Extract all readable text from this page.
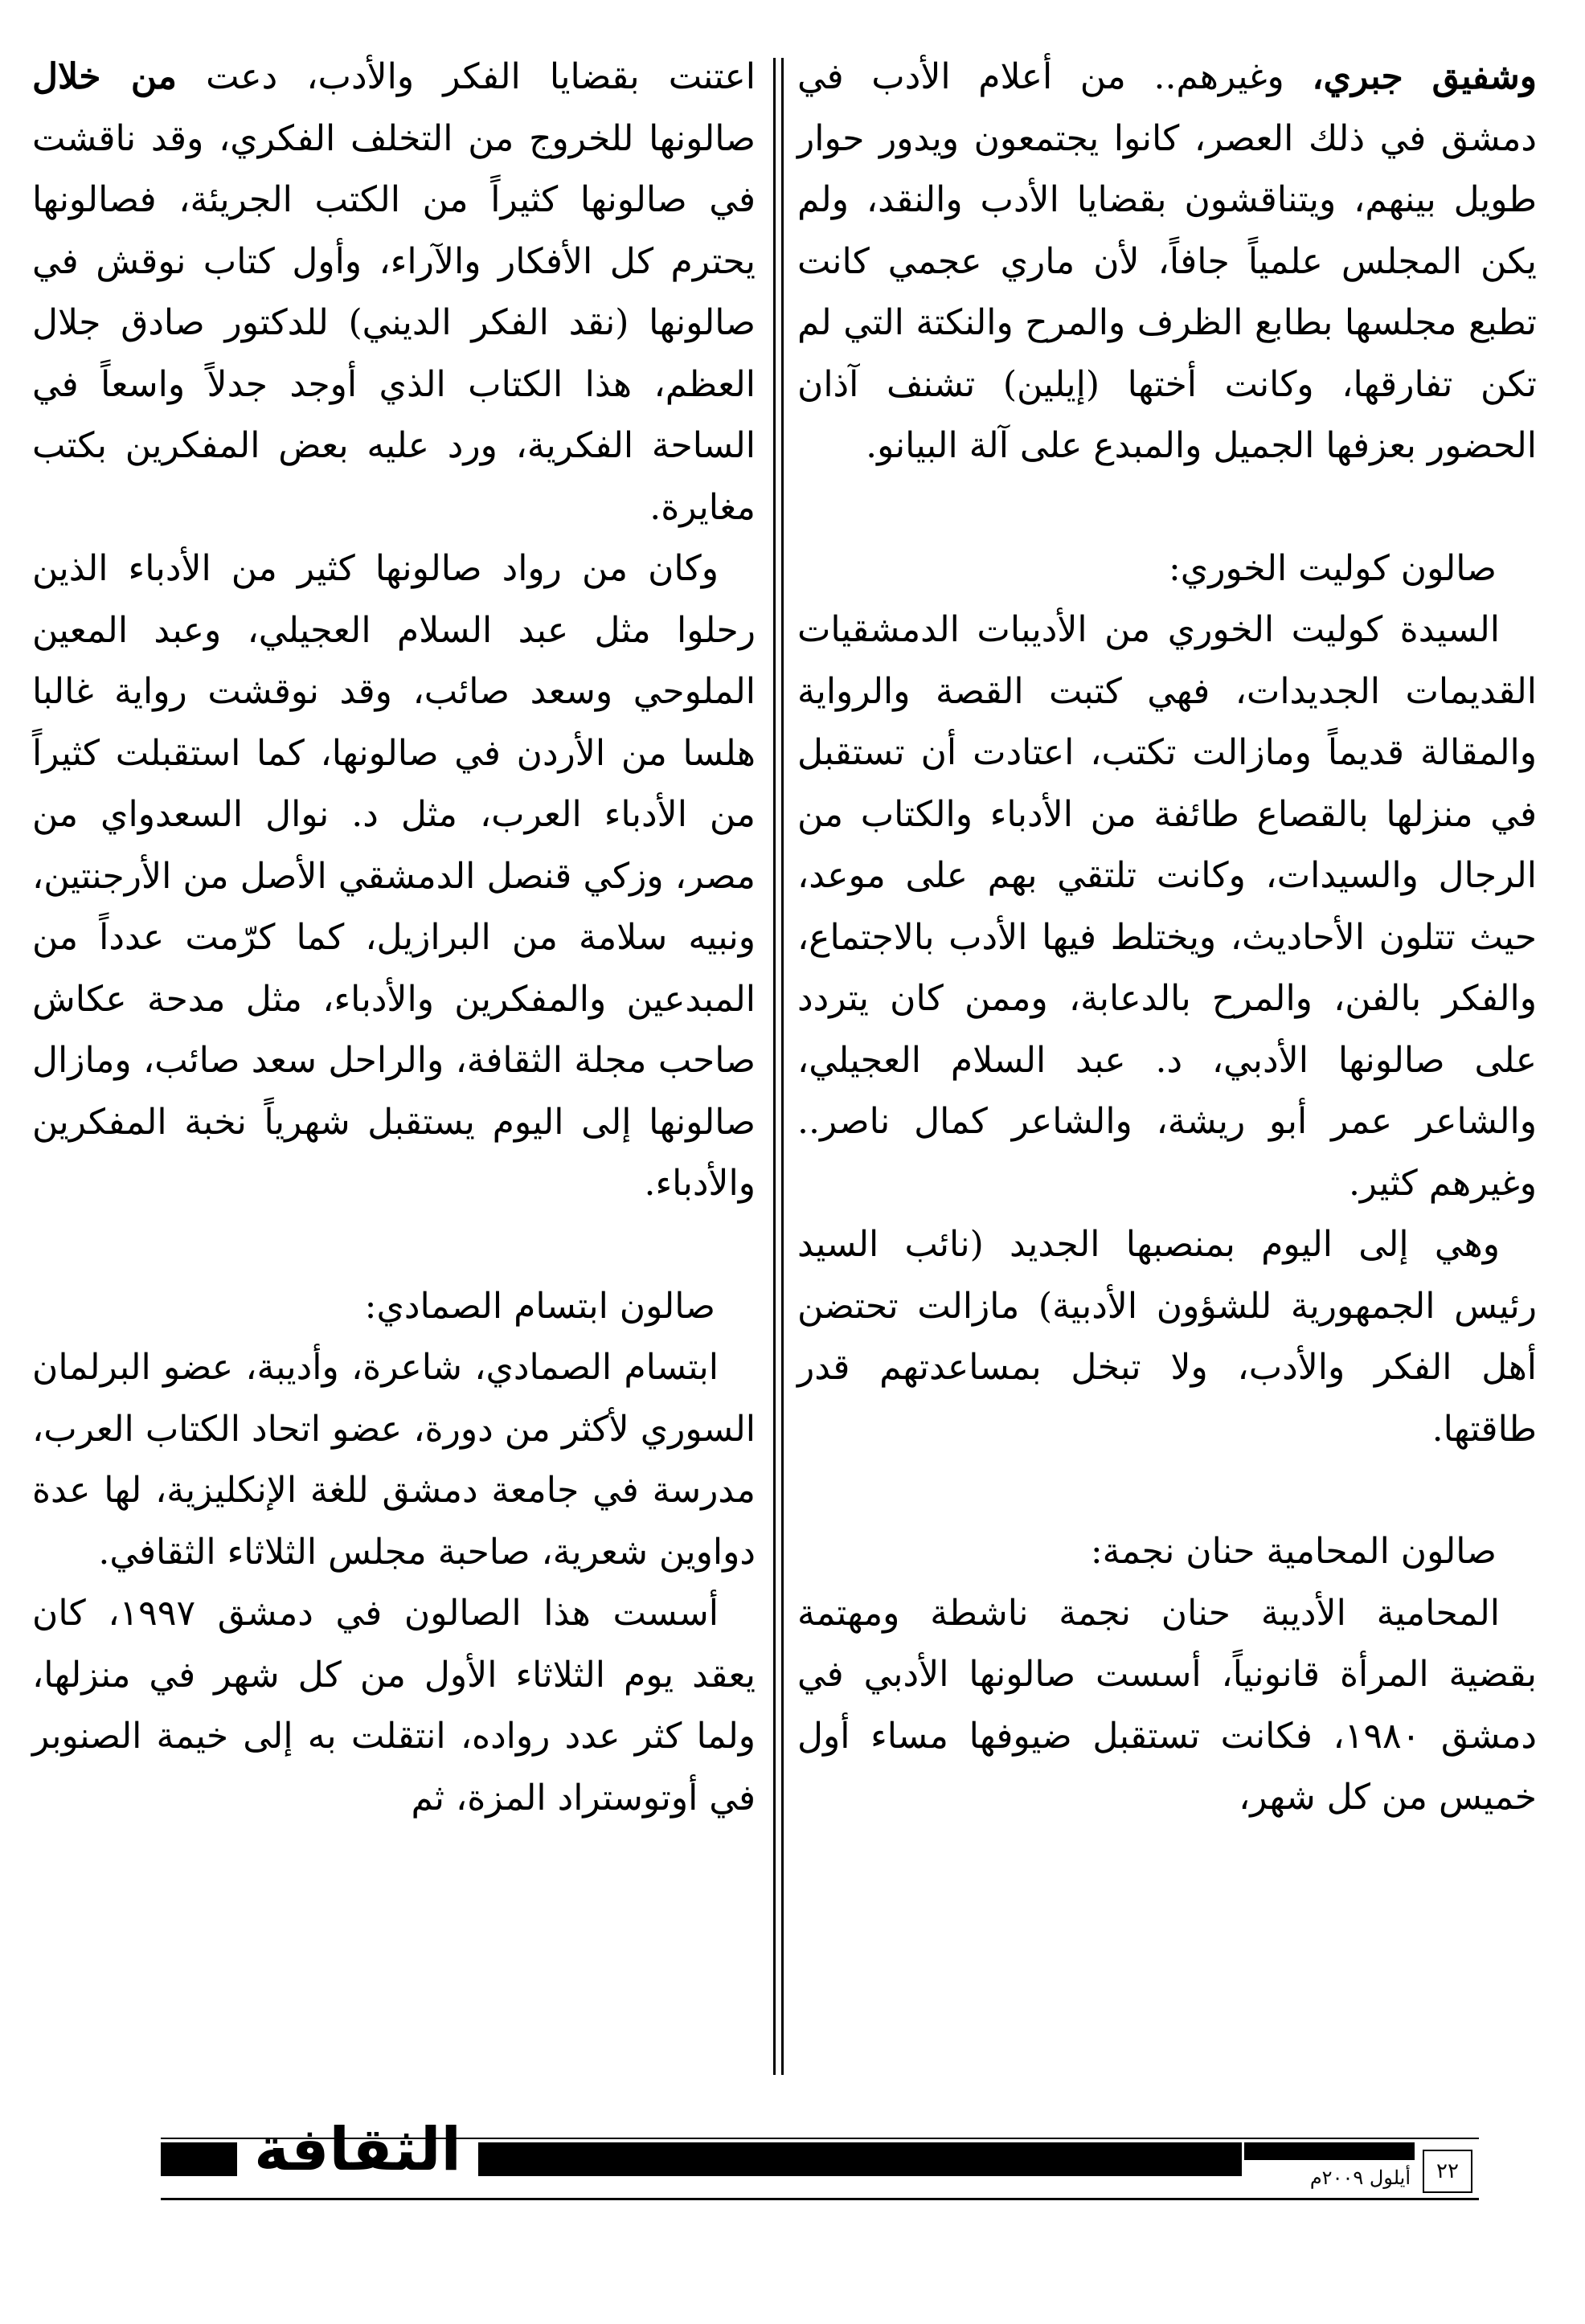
وشفيق جبري، وغيرهم.. من أعلام الأدب في دمشق في ذلك العصر، كانوا يجتمعون ويدور حوار طويل بينهم، ويتناقشون بقضايا الأدب والنقد، ولم يكن المجلس علمياً جافاً، لأن ماري عجمي كانت تطبع مجلسها بطابع الظرف والمرح والنكتة التي لم تكن تفارقها، وكانت أختها (إيلين) تشنف آذان الحضور بعزفها الجميل والمبدع على آلة البيانو.

صالون كوليت الخوري:

السيدة كوليت الخوري من الأديبات الدمشقيات القديمات الجديدات، فهي كتبت القصة والرواية والمقالة قديماً ومازالت تكتب، اعتادت أن تستقبل في منزلها بالقصاع طائفة من الأدباء والكتاب من الرجال والسيدات، وكانت تلتقي بهم على موعد، حيث تتلون الأحاديث، ويختلط فيها الأدب بالاجتماع، والفكر بالفن، والمرح بالدعابة، وممن كان يتردد على صالونها الأدبي، د. عبد السلام العجيلي، والشاعر عمر أبو ريشة، والشاعر كمال ناصر.. وغيرهم كثير.

وهي إلى اليوم بمنصبها الجديد (نائب السيد رئيس الجمهورية للشؤون الأدبية) مازالت تحتضن أهل الفكر والأدب، ولا تبخل بمساعدتهم قدر طاقتها.

صالون المحامية حنان نجمة:

المحامية الأديبة حنان نجمة ناشطة ومهتمة بقضية المرأة قانونياً، أسست صالونها الأدبي في دمشق ١٩٨٠، فكانت تستقبل ضيوفها مساء أول خميس من كل شهر،

اعتنت بقضايا الفكر والأدب، دعت من خلال صالونها للخروج من التخلف الفكري، وقد ناقشت في صالونها كثيراً من الكتب الجريئة، فصالونها يحترم كل الأفكار والآراء، وأول كتاب نوقش في صالونها (نقد الفكر الديني) للدكتور صادق جلال العظم، هذا الكتاب الذي أوجد جدلاً واسعاً في الساحة الفكرية، ورد عليه بعض المفكرين بكتب مغايرة.

وكان من رواد صالونها كثير من الأدباء الذين رحلوا مثل عبد السلام العجيلي، وعبد المعين الملوحي وسعد صائب، وقد نوقشت رواية غالبا هلسا من الأردن في صالونها، كما استقبلت كثيراً من الأدباء العرب، مثل د. نوال السعدواي من مصر، وزكي قنصل الدمشقي الأصل من الأرجنتين، ونبيه سلامة من البرازيل، كما كرّمت عدداً من المبدعين والمفكرين والأدباء، مثل مدحة عكاش صاحب مجلة الثقافة، والراحل سعد صائب، ومازال صالونها إلى اليوم يستقبل شهرياً نخبة المفكرين والأدباء.

صالون ابتسام الصمادي:

ابتسام الصمادي، شاعرة، وأديبة، عضو البرلمان السوري لأكثر من دورة، عضو اتحاد الكتاب العرب، مدرسة في جامعة دمشق للغة الإنكليزية، لها عدة دواوين شعرية، صاحبة مجلس الثلاثاء الثقافي.

أسست هذا الصالون في دمشق ١٩٩٧، كان يعقد يوم الثلاثاء الأول من كل شهر في منزلها، ولما كثر عدد رواده، انتقلت به إلى خيمة الصنوبر في أوتوستراد المزة، ثم

الثقافة	أيلول ٢٠٠٩م	٢٢
